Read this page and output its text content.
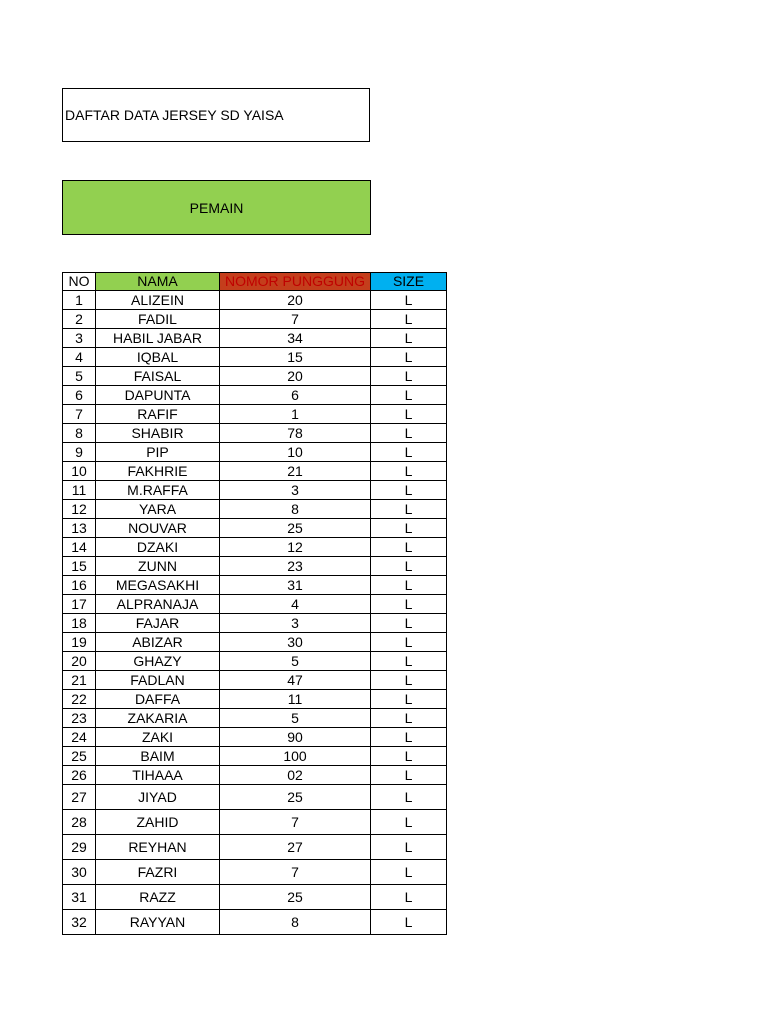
DAFTAR DATA JERSEY SD YAISA
PEMAIN
NO	NAMA	NOMOR PUNGGUNG	SIZE
1	ALIZEIN	20	L
2	FADIL	7	L
3	HABIL JABAR	34	L
4	IQBAL	15	L
5	FAISAL	20	L
6	DAPUNTA	6	L
7	RAFIF	1	L
8	SHABIR	78	L
9	PIP	10	L
10	FAKHRIE	21	L
11	M.RAFFA	3	L
12	YARA	8	L
13	NOUVAR	25	L
14	DZAKI	12	L
15	ZUNN	23	L
16	MEGASAKHI	31	L
17	ALPRANAJA	4	L
18	FAJAR	3	L
19	ABIZAR	30	L
20	GHAZY	5	L
21	FADLAN	47	L
22	DAFFA	11	L
23	ZAKARIA	5	L
24	ZAKI	90	L
25	BAIM	100	L
26	TIHAAA	02	L
27	JIYAD	25	L
28	ZAHID	7	L
29	REYHAN	27	L
30	FAZRI	7	L
31	RAZZ	25	L
32	RAYYAN	8	L
